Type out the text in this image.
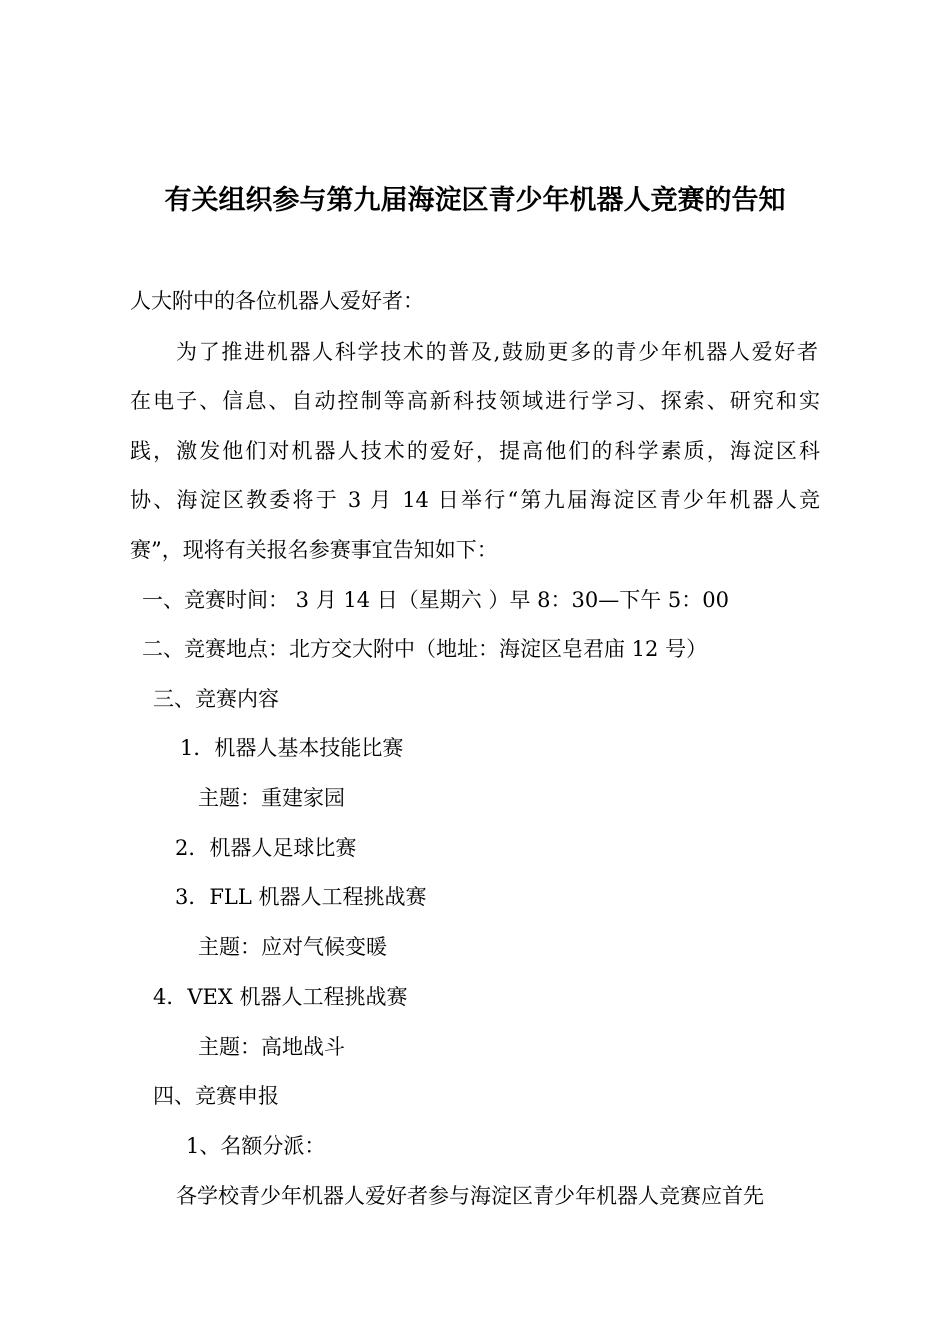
有关组织参与第九届海淀区青少年机器人竞赛的告知
人大附中的各位机器人爱好者：
为了推进机器人科学技术的普及,鼓励更多的青少年机器人爱好者
在电子、信息、自动控制等高新科技领域进行学习、探索、研究和实
践，激发他们对机器人技术的爱好，提高他们的科学素质，海淀区科
协、海淀区教委将于 3 月 14 日举行“第九届海淀区青少年机器人竞
赛”，现将有关报名参赛事宜告知如下：
一、竞赛时间： 3 月 14 日（星期六 ）早 8：30—下午 5：00
二、竞赛地点：北方交大附中（地址：海淀区皂君庙 12 号）
三、竞赛内容
1．机器人基本技能比赛
主题：重建家园
2．机器人足球比赛
3．FLL 机器人工程挑战赛
主题：应对气候变暖
4．VEX 机器人工程挑战赛
主题：高地战斗
四、竞赛申报
1、名额分派：
各学校青少年机器人爱好者参与海淀区青少年机器人竞赛应首先
